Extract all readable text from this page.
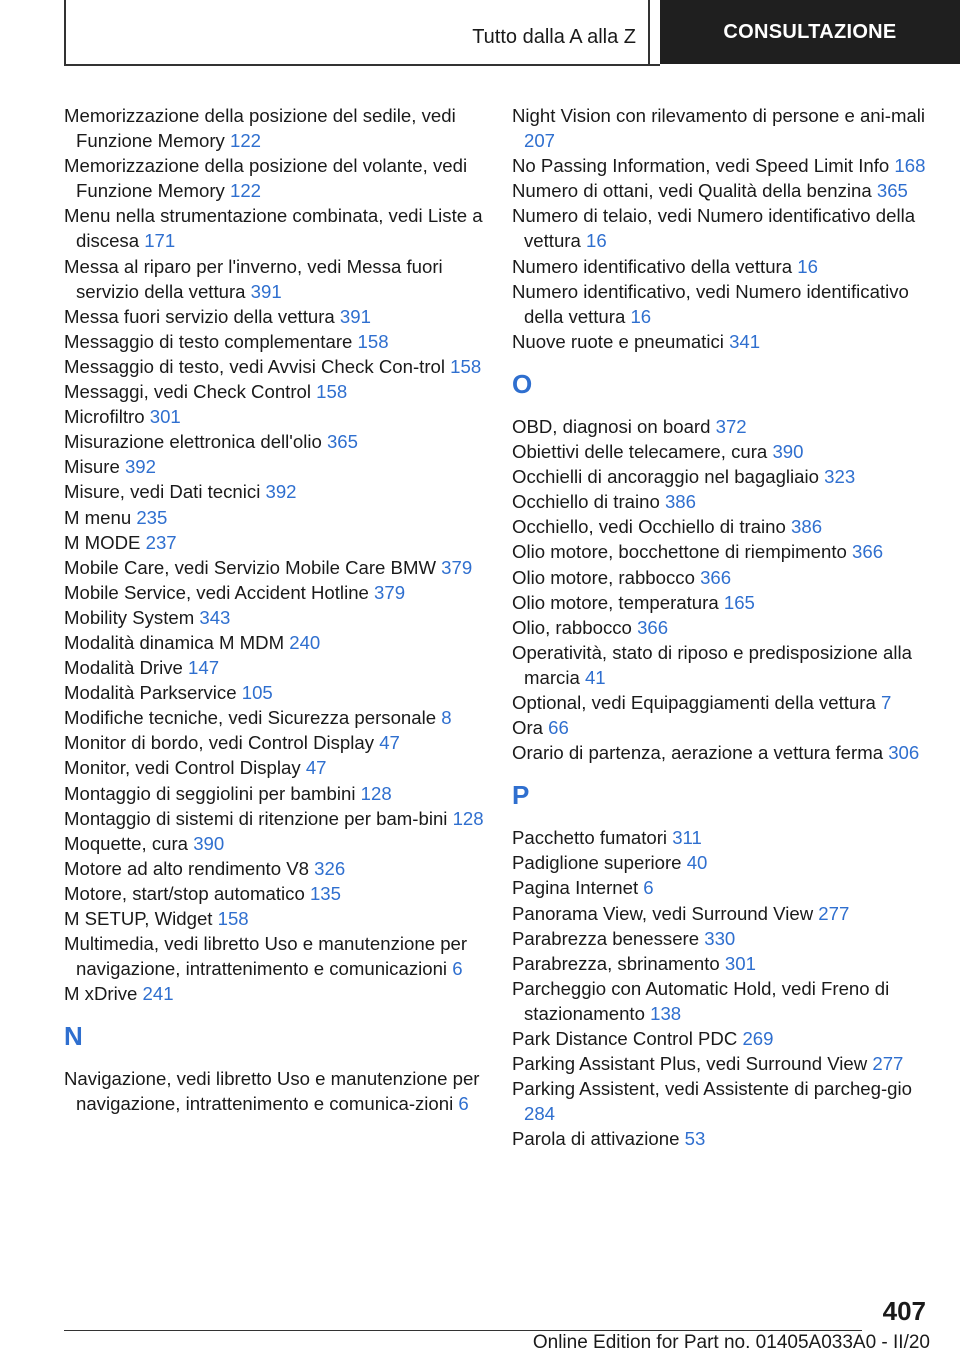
Tutto dalla A alla Z	CONSULTAZIONE
Memorizzazione della posizione del sedile, vedi Funzione Memory 122
Memorizzazione della posizione del volante, vedi Funzione Memory 122
Menu nella strumentazione combinata, vedi Liste a discesa 171
Messa al riparo per l'inverno, vedi Messa fuori servizio della vettura 391
Messa fuori servizio della vettura 391
Messaggio di testo complementare 158
Messaggio di testo, vedi Avvisi Check Con‐trol 158
Messaggi, vedi Check Control 158
Microfiltro 301
Misurazione elettronica dell'olio 365
Misure 392
Misure, vedi Dati tecnici 392
M menu 235
M MODE 237
Mobile Care, vedi Servizio Mobile Care BMW 379
Mobile Service, vedi Accident Hotline 379
Mobility System 343
Modalità dinamica M MDM 240
Modalità Drive 147
Modalità Parkservice 105
Modifiche tecniche, vedi Sicurezza personale 8
Monitor di bordo, vedi Control Display 47
Monitor, vedi Control Display 47
Montaggio di seggiolini per bambini 128
Montaggio di sistemi di ritenzione per bam‐bini 128
Moquette, cura 390
Motore ad alto rendimento V8 326
Motore, start/stop automatico 135
M SETUP, Widget 158
Multimedia, vedi libretto Uso e manutenzione per navigazione, intrattenimento e comunicazioni 6
M xDrive 241
N
Navigazione, vedi libretto Uso e manutenzione per navigazione, intrattenimento e comunica‐zioni 6
Night Vision con rilevamento di persone e ani‐mali 207
No Passing Information, vedi Speed Limit Info 168
Numero di ottani, vedi Qualità della benzina 365
Numero di telaio, vedi Numero identificativo della vettura 16
Numero identificativo della vettura 16
Numero identificativo, vedi Numero identificativo della vettura 16
Nuove ruote e pneumatici 341
O
OBD, diagnosi on board 372
Obiettivi delle telecamere, cura 390
Occhielli di ancoraggio nel bagagliaio 323
Occhiello di traino 386
Occhiello, vedi Occhiello di traino 386
Olio motore, bocchettone di riempimento 366
Olio motore, rabbocco 366
Olio motore, temperatura 165
Olio, rabbocco 366
Operatività, stato di riposo e predisposizione alla marcia 41
Optional, vedi Equipaggiamenti della vettura 7
Ora 66
Orario di partenza, aerazione a vettura ferma 306
P
Pacchetto fumatori 311
Padiglione superiore 40
Pagina Internet 6
Panorama View, vedi Surround View 277
Parabrezza benessere 330
Parabrezza, sbrinamento 301
Parcheggio con Automatic Hold, vedi Freno di stazionamento 138
Park Distance Control PDC 269
Parking Assistant Plus, vedi Surround View 277
Parking Assistent, vedi Assistente di parcheg‐gio 284
Parola di attivazione 53
407
Online Edition for Part no. 01405A033A0 - II/20
